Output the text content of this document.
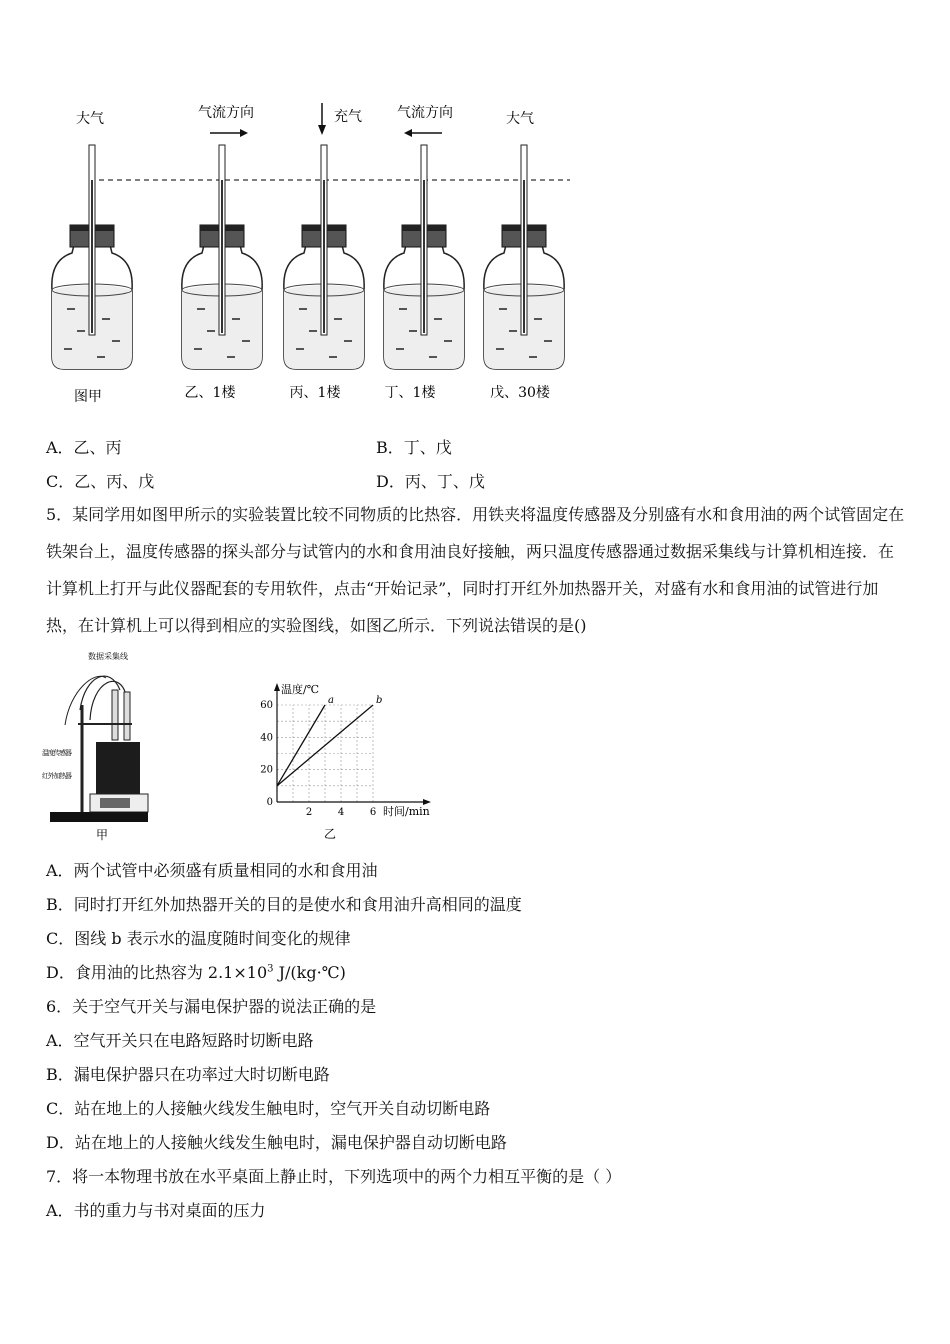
大气	气流方向	充气	气流方向	大气
图甲	乙、1楼	丙、1楼	丁、1楼	戊、30楼
A．乙、丙	B．丁、戊
C．乙、丙、戊	D．丙、丁、戊
5．某同学用如图甲所示的实验装置比较不同物质的比热容．用铁夹将温度传感器及分别盛有水和食用油的两个试管固定在铁架台上，温度传感器的探头部分与试管内的水和食用油良好接触，两只温度传感器通过数据采集线与计算机相连接．在计算机上打开与此仪器配套的专用软件，点击“开始记录”，同时打开红外加热器开关，对盛有水和食用油的试管进行加热，在计算机上可以得到相应的实验图线，如图乙所示．下列说法错误的是()
数据采集线
温度传感器
红外加热器
甲
0
20
40
60
2	4	6
温度/℃
时间/min
a	b
乙
A．两个试管中必须盛有质量相同的水和食用油
B．同时打开红外加热器开关的目的是使水和食用油升高相同的温度
C．图线 b 表示水的温度随时间变化的规律
D．食用油的比热容为 $2.1\times 10^3$ J/(kg·℃)
6．关于空气开关与漏电保护器的说法正确的是
A．空气开关只在电路短路时切断电路
B．漏电保护器只在功率过大时切断电路
C．站在地上的人接触火线发生触电时，空气开关自动切断电路
D．站在地上的人接触火线发生触电时，漏电保护器自动切断电路
7．将一本物理书放在水平桌面上静止时，下列选项中的两个力相互平衡的是（ ）
A．书的重力与书对桌面的压力
